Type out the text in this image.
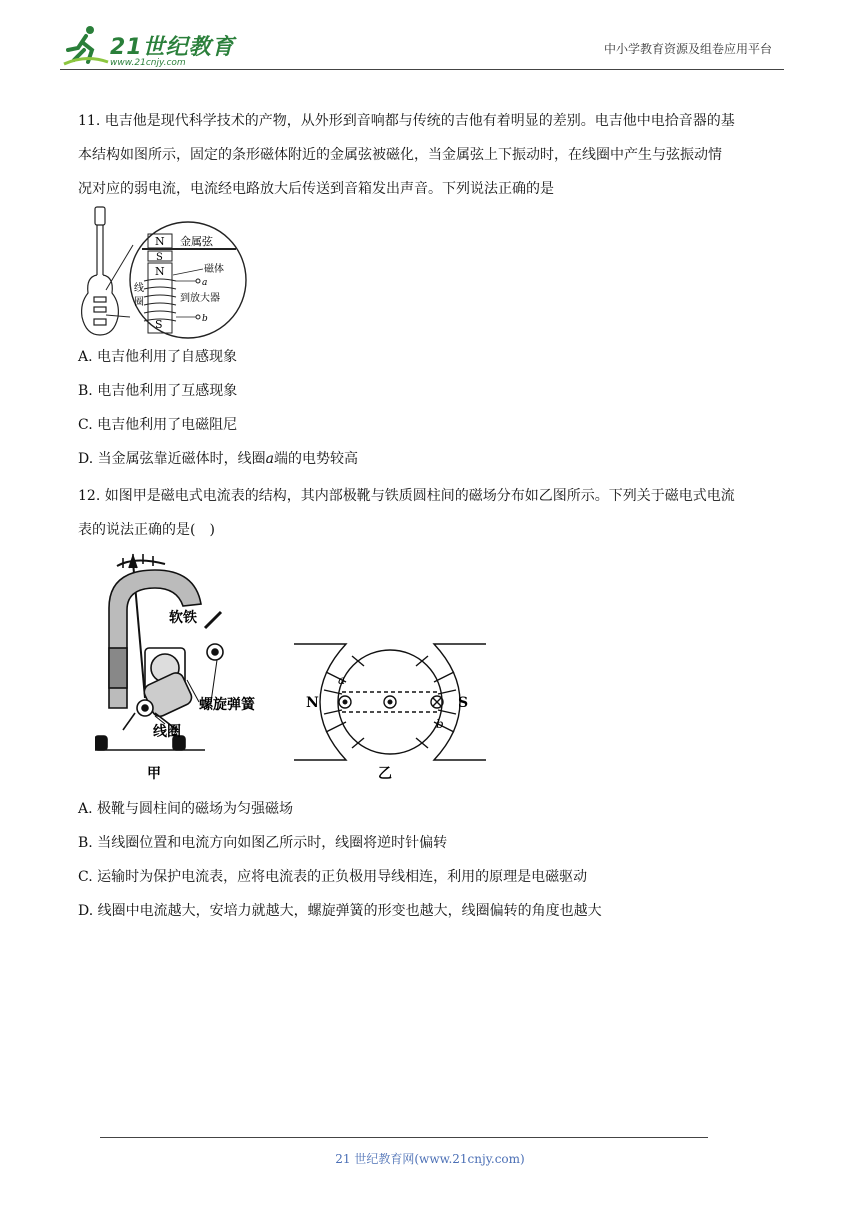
21世纪教育
www.21cnjy.com
中小学教育资源及组卷应用平台
11. 电吉他是现代科学技术的产物，从外形到音响都与传统的吉他有着明显的差别。电吉他中电拾音器的基
本结构如图所示，固定的条形磁体附近的金属弦被磁化，当金属弦上下振动时，在线圈中产生与弦振动情
况对应的弱电流，电流经电路放大后传送到音箱发出声音。下列说法正确的是
N 金属弦
S
N
S
磁体
线
圈
a
到放大器
b
A. 电吉他利用了自感现象
B. 电吉他利用了互感现象
C. 电吉他利用了电磁阻尼
D. 当金属弦靠近磁体时，线圈a端的电势较高
12. 如图甲是磁电式电流表的结构，其内部极靴与铁质圆柱间的磁场分布如乙图所示。下列关于磁电式电流
表的说法正确的是(　)
软铁
螺旋弹簧
线圈
甲
N	S
a
b
乙
A. 极靴与圆柱间的磁场为匀强磁场
B. 当线圈位置和电流方向如图乙所示时，线圈将逆时针偏转
C. 运输时为保护电流表，应将电流表的正负极用导线相连，利用的原理是电磁驱动
D. 线圈中电流越大，安培力就越大，螺旋弹簧的形变也越大，线圈偏转的角度也越大
21 世纪教育网(www.21cnjy.com)
